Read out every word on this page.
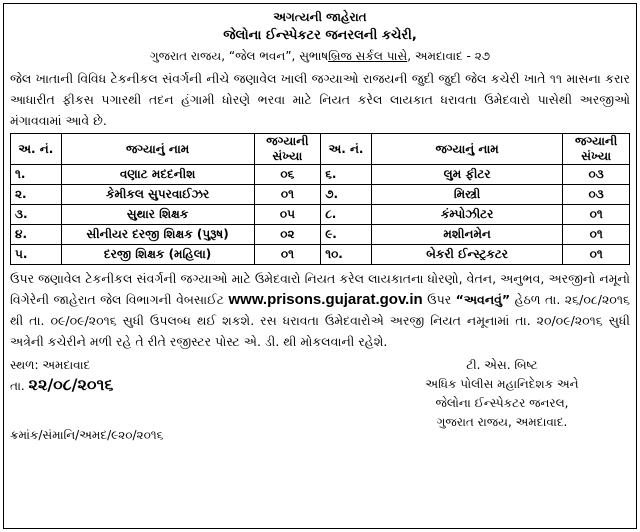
અગત્યની જાહેરાત
જેલોના ઈન્સ્પેકટર જનરલની કચેરી,
ગુજરાત રાજય, “જેલ ભવન”, સુભાષબ્રિજ સર્કલ પાસે, અમદાવાદ - ૨૭

જેલ ખાતાની વિવિધ ટેકનીકલ સંવર્ગની નીચે જણાવેલ ખાલી જગ્યાઓ રાજયની જુદી જુદી જેલ કચેરી ખાતે ૧૧ માસના કરાર આધારીત ફીકસ પગારથી તદન હંગામી ધોરણે ભરવા માટે નિયત કરેલ લાયકાત ધરાવતા ઉમેદવારો પાસેથી અરજીઓ મંગાવવામાં આવે છે.

અ. નં.	જગ્યાનું નામ	જગ્યાની સંખ્યા	અ. નં.	જગ્યાનું નામ	જગ્યાની સંખ્યા
૧.	વણાટ મદદનીશ	૦૬	૬.	લુમ ફીટર	૦૩
૨.	કેમીકલ સુપરવાઈઝર	૦૧	૭.	મિસ્ત્રી	૦૩
૩.	સુથાર શિક્ષક	૦૫	૮.	કંમ્પોઝીટર	૦૧
૪.	સીનીયર દરજી શિક્ષક (પુરૂષ)	૦૨	૯.	મશીનમેન	૦૧
૫.	દરજી શિક્ષક (મહિલા)	૦૧	૧૦.	બેકરી ઈન્સ્ટ્રકટર	૦૧

ઉપર જણાવેલ ટેકનીકલ સંવર્ગની જગ્યાઓ માટે ઉમેદવારો નિયત કરેલ લાયકાતના ધોરણો, વેતન, અનુભવ, અરજીનો નમૂનો વિગેરેની જાહેરાત જેલ વિભાગની વેબસાઈટ www.prisons.gujarat.gov.in ઉપર “અવનવું” હેઠળ તા. ૨૬/૦૮/૨૦૧૬ થી તા. ૦૯/૦૯/૨૦૧૬ સુધી ઉપલબ્ધ થઈ શકશે. રસ ધરાવતા ઉમેદવારોએ અરજી નિયત નમૂનામાં તા. ૨૦/૦૯/૨૦૧૬ સુધી અત્રેની કચેરીને મળી રહે તે રીતે રજીસ્ટર પોસ્ટ એ. ડી. થી મોકલવાની રહેશે.

સ્થળ: અમદાવાદ
તા. ૨૨/૦૮/૨૦૧૬
ક્રમાંક/સંમાનિ/અમદ/૯૨૦/૨૦૧૬
ટી. એસ. બિષ્ટ
અધિક પોલીસ મહાનિદેશક અને
જેલોના ઈન્સ્પેકટર જનરલ,
ગુજરાત રાજય, અમદાવાદ.
